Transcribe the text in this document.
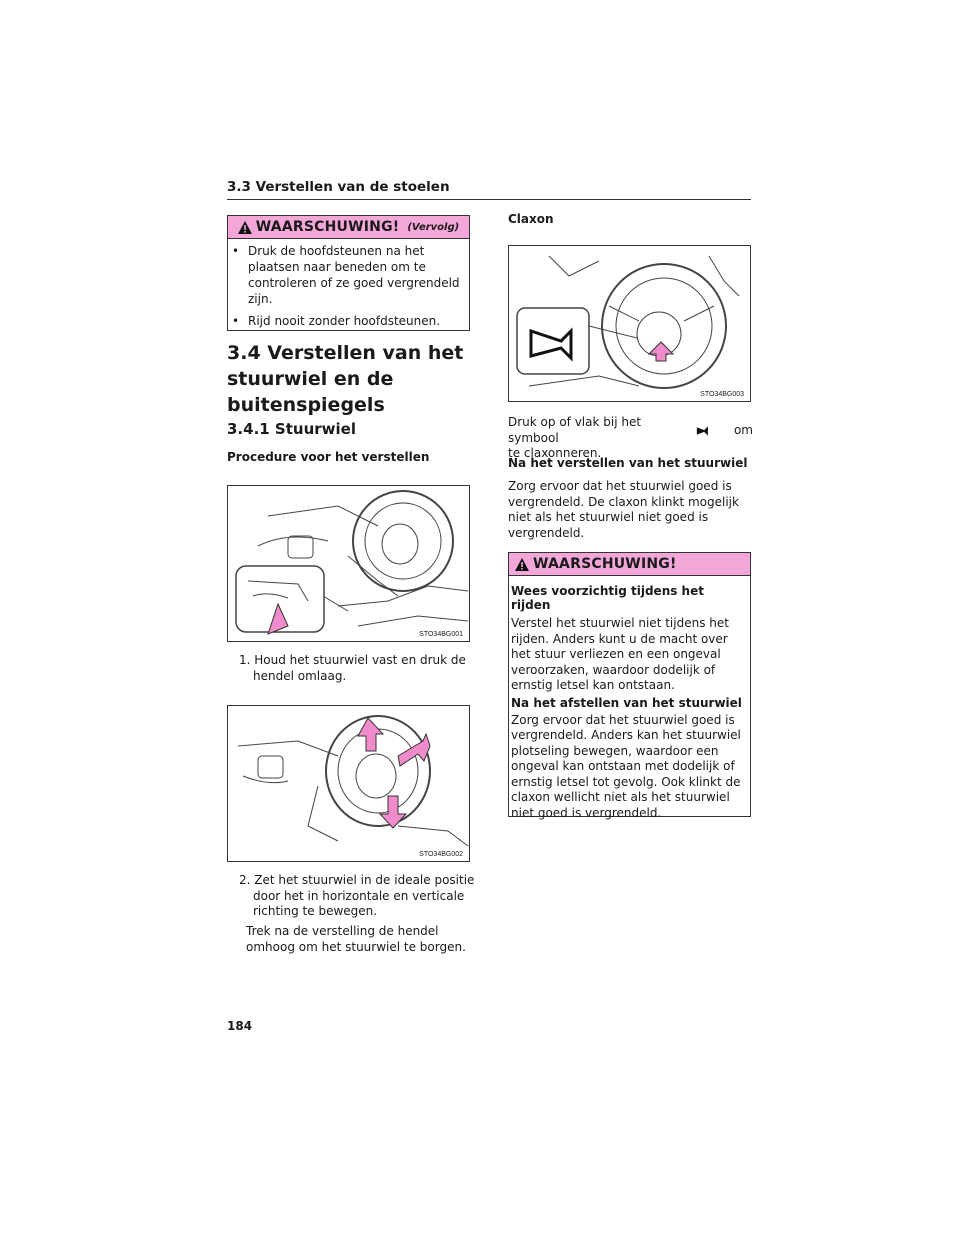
3.3 Verstellen van de stoelen
WAARSCHUWING! (Vervolg)
• Druk de hoofdsteunen na het plaatsen naar beneden om te controleren of ze goed vergrendeld zijn.
• Rijd nooit zonder hoofdsteunen.
3.4 Verstellen van het
stuurwiel en de
buitenspiegels
3.4.1 Stuurwiel
Procedure voor het verstellen
STO34BG001
1. Houd het stuurwiel vast en druk de hendel omlaag.
STO34BG002
2. Zet het stuurwiel in de ideale positie door het in horizontale en verticale richting te bewegen.
Trek na de verstelling de hendel omhoog om het stuurwiel te borgen.
Claxon
STO34BG003
Druk op of vlak bij het symbool
om
te claxonneren.
Na het verstellen van het stuurwiel
Zorg ervoor dat het stuurwiel goed is vergrendeld. De claxon klinkt mogelijk niet als het stuurwiel niet goed is vergrendeld.
WAARSCHUWING!
Wees voorzichtig tijdens het rijden
Verstel het stuurwiel niet tijdens het rijden. Anders kunt u de macht over het stuur verliezen en een ongeval veroorzaken, waardoor dodelijk of ernstig letsel kan ontstaan.
Na het afstellen van het stuurwiel
Zorg ervoor dat het stuurwiel goed is vergrendeld. Anders kan het stuurwiel plotseling bewegen, waardoor een ongeval kan ontstaan met dodelijk of ernstig letsel tot gevolg. Ook klinkt de claxon wellicht niet als het stuurwiel niet goed is vergrendeld.
184
